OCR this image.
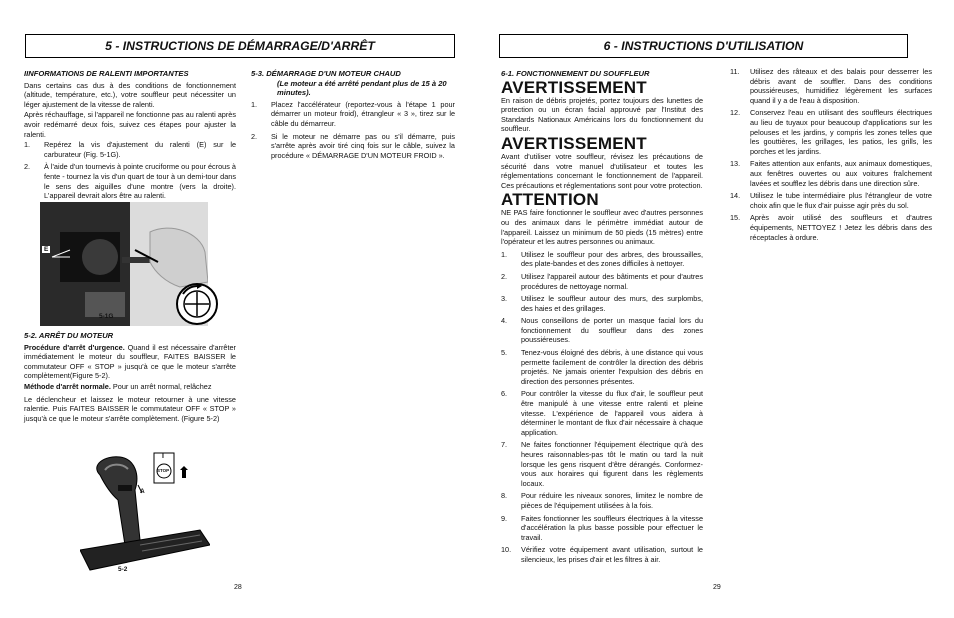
5 - INSTRUCTIONS DE DÉMARRAGE/D'ARRÊT
IINFORMATIONS DE RALENTI IMPORTANTES
Dans certains cas dus à des conditions de fonctionnement (altitude, température, etc.), votre souffleur peut nécessiter un léger ajustement de la vitesse de ralenti.
Après réchauffage, si l'appareil ne fonctionne pas au ralenti après avoir redémarré deux fois, suivez ces étapes pour ajuster la ralenti.
1. Repérez la vis d'ajustement du ralenti (E) sur le carburateur (Fig. 5-1G).
2. À l'aide d'un tournevis à pointe cruciforme ou pour écrous à fente - tournez la vis d'un quart de tour à un demi-tour dans le sens des aiguilles d'une montre (vers la droite). L'appareil devrait alors être au ralenti.
E
5-1G
5-2. ARRÊT DU MOTEUR
Procédure d'arrêt d'urgence. Quand il est nécessaire d'arrêter immédiatement le moteur du souffleur, FAITES BAISSER le commutateur OFF « STOP » jusqu'à ce que le moteur s'arrête complètement(Figure 5-2).
Méthode d'arrêt normale. Pour un arrêt normal, relâchez
Le déclencheur et laissez le moteur retourner à une vitesse ralentie. Puis FAITES BAISSER le commutateur OFF « STOP » jusqu'à ce que le moteur s'arrête complètement. (Figure 5-2)
I
STOP
A
5-2
5-3. DÉMARRAGE D'UN MOTEUR CHAUD
(Le moteur a été arrêté pendant plus de 15 à 20 minutes).
1. Placez l'accélérateur (reportez-vous à l'étape 1 pour démarrer un moteur froid), étrangleur « 3 », tirez sur le câble du démarreur.
2. Si le moteur ne démarre pas ou s'il démarre, puis s'arrête après avoir tiré cinq fois sur le câble, suivez la procédure « DÉMARRAGE D'UN MOTEUR FROID ».
28
6 - INSTRUCTIONS D'UTILISATION
6-1. FONCTIONNEMENT DU SOUFFLEUR
AVERTISSEMENT
En raison de débris projetés, portez toujours des lunettes de protection ou un écran facial approuvé par l'Institut des Standards Nationaux Américains lors du fonctionnement du souffleur.
AVERTISSEMENT
Avant d'utiliser votre souffleur, révisez les précautions de sécurité dans votre manuel d'utilisateur et toutes les réglementations concernant le fonctionnement de l'appareil. Ces précautions et réglementations sont pour votre protection.
ATTENTION
NE PAS faire fonctionner le souffleur avec d'autres personnes ou des animaux dans le périmètre immédiat autour de l'appareil. Laissez un minimum de 50 pieds (15 mètres) entre l'opérateur et les autres personnes ou animaux.
1. Utilisez le souffleur pour des arbres, des broussailles, des plate-bandes et des zones difficiles à nettoyer.
2. Utilisez l'appareil autour des bâtiments et pour d'autres procédures de nettoyage normal.
3. Utilisez le souffleur autour des murs, des surplombs, des haies et des grillages.
4. Nous conseillons de porter un masque facial lors du fonctionnement du souffleur dans des zones poussiéreuses.
5. Tenez-vous éloigné des débris, à une distance qui vous permette facilement de contrôler la direction des débris projetés. Ne jamais orienter l'expulsion des débris en direction des personnes présentes.
6. Pour contrôler la vitesse du flux d'air, le souffleur peut être manipulé à une vitesse entre ralenti et pleine vitesse. L'expérience de l'appareil vous aidera à déterminer le montant de flux d'air nécessaire à chaque application.
7. Ne faites fonctionner l'équipement électrique qu'à des heures raisonnables-pas tôt le matin ou tard la nuit lorsque les gens risquent d'être dérangés. Conformez-vous aux horaires qui figurent dans les règlements locaux.
8. Pour réduire les niveaux sonores, limitez le nombre de pièces de l'équipement utilisées à la fois.
9. Faites fonctionner les souffleurs électriques à la vitesse d'accélération la plus basse possible pour effectuer le travail.
10. Vérifiez votre équipement avant utilisation, surtout le silencieux, les prises d'air et les filtres à air.
11. Utilisez des râteaux et des balais pour desserrer les débris avant de souffler. Dans des conditions poussiéreuses, humidifiez légèrement les surfaces quand il y a de l'eau à disposition.
12. Conservez l'eau en utilisant des souffleurs électriques au lieu de tuyaux pour beaucoup d'applications sur les pelouses et les jardins, y compris les zones telles que les gouttières, les grillages, les patios, les grills, les porches et les jardins.
13. Faites attention aux enfants, aux animaux domestiques, aux fenêtres ouvertes ou aux voitures fraîchement lavées et soufflez les débris dans une direction sûre.
14. Utilisez le tube intermédiaire plus l'étrangleur de votre choix afin que le flux d'air puisse agir près du sol.
15. Après avoir utilisé des souffleurs et d'autres équipements, NETTOYEZ ! Jetez les débris dans des réceptacles à ordure.
29
